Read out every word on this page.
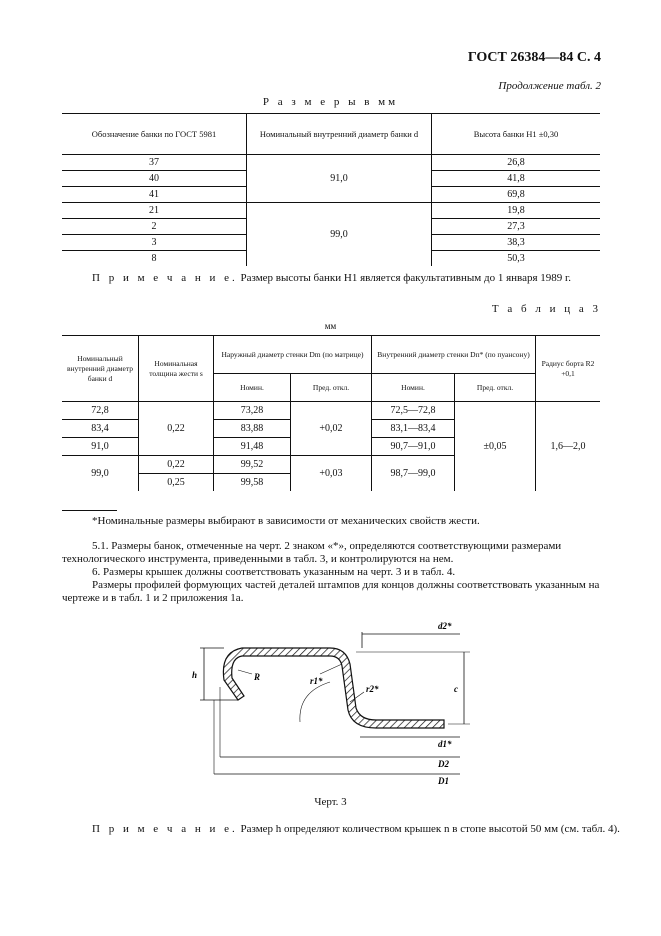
ГОСТ 26384—84 С. 4
Продолжение табл. 2
Р а з м е р ы в мм
Обозначение банки по ГОСТ 5981	Номинальный внутренний диаметр банки d	Высота банки H1 ±0,30
37	91,0	26,8
40		41,8
41		69,8
21	99,0	19,8
2		27,3
3		38,3
8		50,3
П р и м е ч а н и е. Размер высоты банки H1 является факультативным до 1 января 1989 г.
Т а б л и ц а 3
мм
Номинальный внутренний диаметр банки d	Номинальная толщина жести s	Наружный диаметр стенки Dm (по матрице)		Внутренний диаметр стенки Dп* (по пуансону)		Радиус борта R2 +0,1
		Номин.	Пред. откл.	Номин.	Пред. откл.	
72,8	0,22	73,28	+0,02	72,5—72,8	±0,05	1,6—2,0
83,4		83,88		83,1—83,4		
91,0		91,48		90,7—91,0		
99,0	0,22	99,52	+0,03	98,7—99,0		
	0,25	99,58				
*Номинальные размеры выбирают в зависимости от механических свойств жести.
5.1. Размеры банок, отмеченные на черт. 2 знаком «*», определяются соответствующими размерами технологического инструмента, приведенными в табл. 3, и контролируются на нем.
6. Размеры крышек должны соответствовать указанным на черт. 3 и в табл. 4.
Размеры профилей формующих частей деталей штампов для концов должны соответствовать указанным на чертеже и в табл. 1 и 2 приложения 1а.
d2*
h	R	r1*
r2*	c
d1*
D2
D1
Черт. 3
П р и м е ч а н и е. Размер h определяют количеством крышек n в стопе высотой 50 мм (см. табл. 4).
